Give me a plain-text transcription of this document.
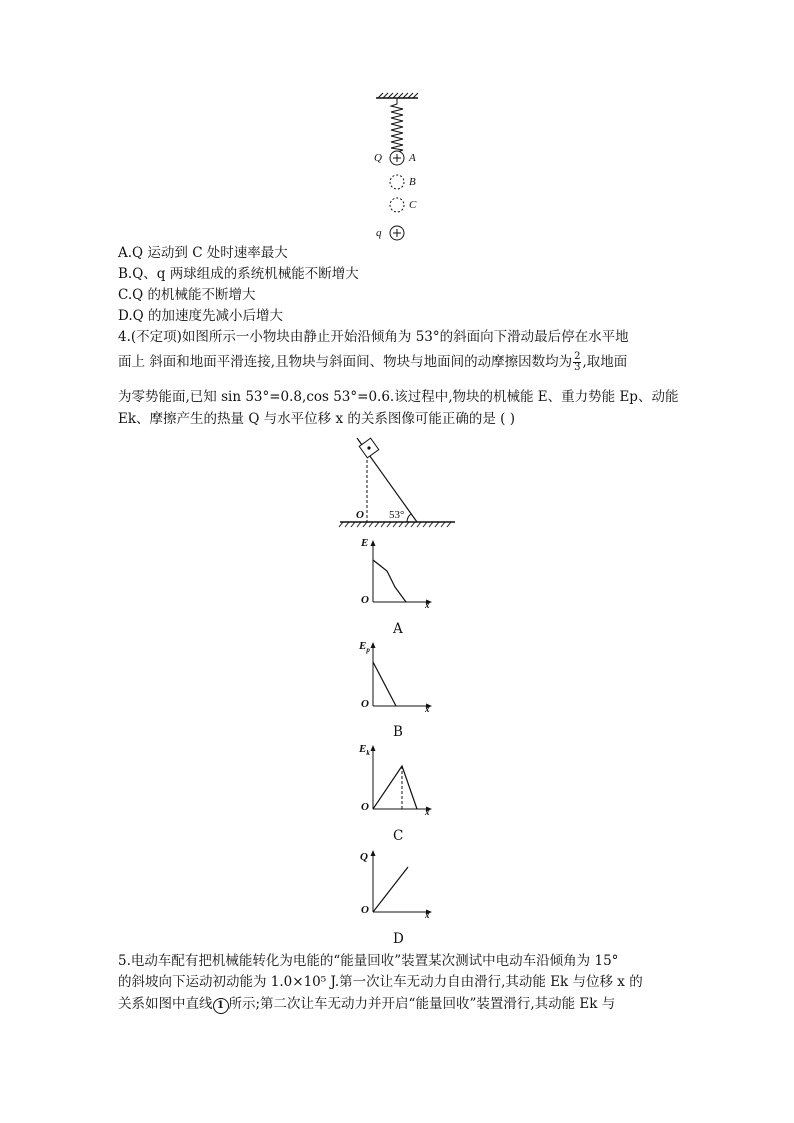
Q A
B
C
q
A.Q 运动到 C 处时速率最大
B.Q、q 两球组成的系统机械能不断增大
C.Q 的机械能不断增大
D.Q 的加速度先减小后增大
4.(不定项)如图所示一小物块由静止开始沿倾角为 53°的斜面向下滑动最后停在水平地
面上 斜面和地面平滑连接,且物块与斜面间、物块与地面间的动摩擦因数均为 $\frac{2}{3}$ ,取地面
为零势能面,已知 sin 53°=0.8,cos 53°=0.6.该过程中,物块的机械能 E、重力势能 Ep、动能
Ek、摩擦产生的热量 Q 与水平位移 x 的关系图像可能正确的是 ( )
O 53°
E
O	x
A
$E_p$
O	x
B
$E_k$
O	x
C
Q
O	x
D
5.电动车配有把机械能转化为电能的“能量回收”装置某次测试中电动车沿倾角为 15°
的斜坡向下运动初动能为 1.0×10⁵ J.第一次让车无动力自由滑行,其动能 Ek 与位移 x 的
关系如图中直线 1 所示;第二次让车无动力并开启“能量回收”装置滑行,其动能 Ek 与
